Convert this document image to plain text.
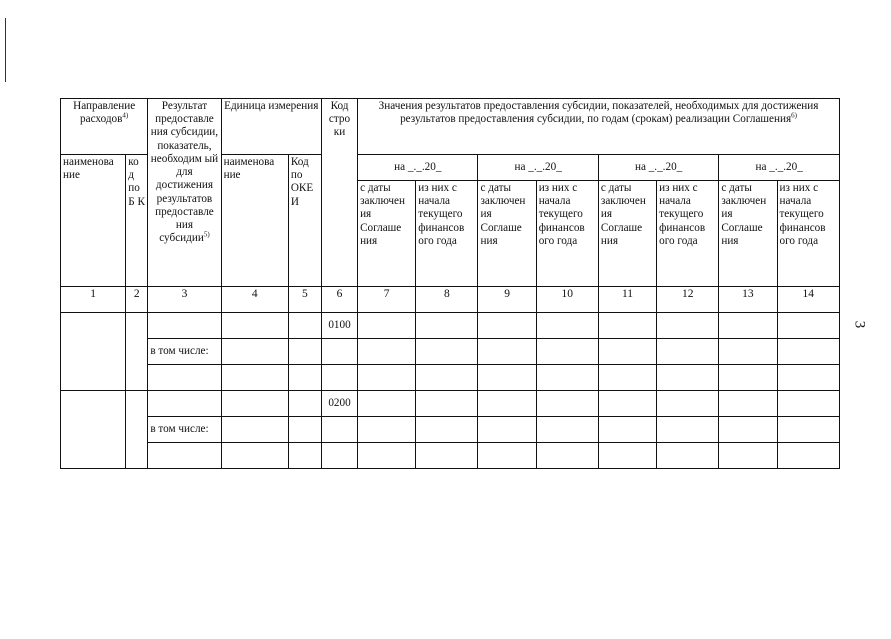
3
Направление расходов$^{4)}$		Результат предоставле ния субсидии, показатель, необходим ый для достижения результатов предоставле ния субсидии$^{5)}$	Единица измерения		Код стро ки	Значения результатов предоставления субсидии, показателей, необходимых для достижения результатов предоставления субсидии, по годам (срокам) реализации Соглашения$^{6)}$
наименова ние	ко д по Б К		наименова ние	Код по ОКЕ И		на _._.20_		на _._.20_		на _._.20_		на _._.20_	
						с даты заключен ия Соглаше ния	из них с начала текущего финансов ого года	с даты заключен ия Соглаше ния	из них с начала текущего финансов ого года	с даты заключен ия Соглаше ния	из них с начала текущего финансов ого года	с даты заключен ия Соглаше ния	из них с начала текущего финансов ого года
1	2	3	4	5	6	7	8	9	10	11	12	13	14
					0100								
		в том числе:											

					0200								
		в том числе:											
